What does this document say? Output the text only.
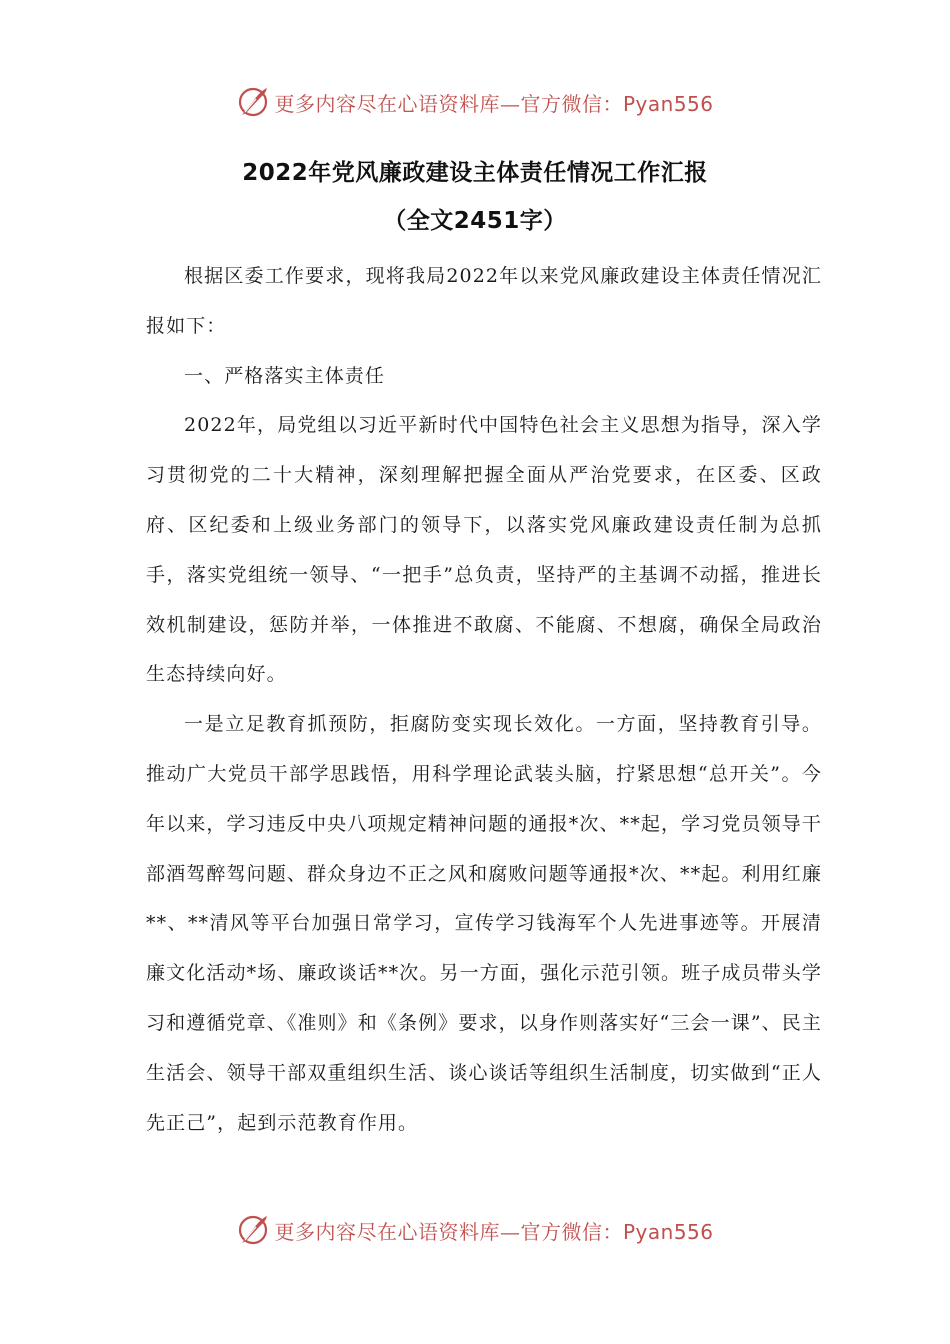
更多内容尽在心语资料库—官方微信：Pyan556
2022年党风廉政建设主体责任情况工作汇报
（全文2451字）

根据区委工作要求，现将我局2022年以来党风廉政建设主体责任情况汇报如下：

一、严格落实主体责任

2022年，局党组以习近平新时代中国特色社会主义思想为指导，深入学习贯彻党的二十大精神，深刻理解把握全面从严治党要求，在区委、区政府、区纪委和上级业务部门的领导下，以落实党风廉政建设责任制为总抓手，落实党组统一领导、“一把手”总负责，坚持严的主基调不动摇，推进长效机制建设，惩防并举，一体推进不敢腐、不能腐、不想腐，确保全局政治生态持续向好。

一是立足教育抓预防，拒腐防变实现长效化。一方面，坚持教育引导。推动广大党员干部学思践悟，用科学理论武装头脑，拧紧思想“总开关”。今年以来，学习违反中央八项规定精神问题的通报*次、**起，学习党员领导干部酒驾醉驾问题、群众身边不正之风和腐败问题等通报*次、**起。利用红廉**、**清风等平台加强日常学习，宣传学习钱海军个人先进事迹等。开展清廉文化活动*场、廉政谈话**次。另一方面，强化示范引领。班子成员带头学习和遵循党章、《准则》和《条例》要求，以身作则落实好“三会一课”、民主生活会、领导干部双重组织生活、谈心谈话等组织生活制度，切实做到“正人先正己”，起到示范教育作用。

更多内容尽在心语资料库—官方微信：Pyan556
